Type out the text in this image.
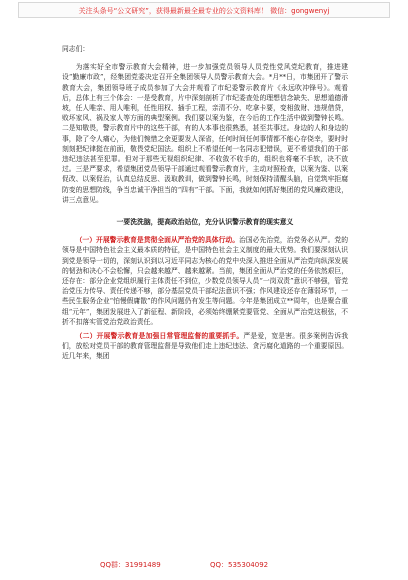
关注头条号“公文研究”，获得最新最全最专业的公文资料库！ 微信：gongwenyj
同志们：

为落实好全市警示教育大会精神，进一步加强党员领导人员党性党风党纪教育，推进建设“勤廉市政”，经集团党委决定召开全集团领导人员警示教育大会。*月**日，市集团开了警示教育大会，集团领导班子成员参加了大会并观看了市纪委警示教育片《永远吹冲锋号》。观看后，总体上有三个体会：一是受教育，片中深刻剖析了市纪委查处的理想信念缺失、思想道德滑坡，任人唯亲、用人唯利，任性用权、插手工程，亲清不分、吃拿卡要，变相敛财、违规借贷，败坏家风、祸及家人等方面的典型案例。我们要以案为鉴，在今后的工作生活中做到警钟长鸣。二是知敬畏，警示教育片中的这些干部，有的人本事也很熟悉，甚至共事过。身边的人和身边的事，除了令人痛心，为他们惋惜之余更要发人深省，任何时间任何事情都不能心存侥幸，要时时刻刻把纪律挺在前面，敬畏党纪国法。组织上不希望任何一名同志犯错误，更不希望我们的干部违纪违法甚至犯罪。但对于那些无视组织纪律、不收敛不收手的，组织也将毫不手软，决不放过。三是严要求，希望集团党员领导干部通过观看警示教育片，主动对照检查，以案为鉴、以案促改、以案促治，认真总结反思、汲取教训，做到警钟长鸣，时刻保持清醒头脑，自觉筑牢拒腐防变的思想防线，争当忠诚干净担当的“四有”干部。下面，我就如何抓好集团的党风廉政建设，讲三点意见。

一要洗洗脑，提高政治站位，充分认识警示教育的现实意义

（一）开展警示教育是贯彻全面从严治党的具体行动。治国必先治党，治党务必从严。党的领导是中国特色社会主义最本质的特征，是中国特色社会主义制度的最大优势。我们要深刻认识到党是领导一切的，深刻认识到以习近平同志为核心的党中央深入推进全面从严治党向纵深发展的韧劲和决心不会松懈，只会越来越严、越来越紧。当前，集团全面从严治党的任务依然艰巨，还存在：部分企业党组织履行主体责任不到位，少数党员领导人员“一岗双责”意识不够强，管党治党压力传导、责任传递不够，部分基层党员干部纪法意识不强；作风建设还存在薄弱环节，一些民生服务企业“怕慢假庸散”的作风问题仍有发生等问题。今年是集团成立**周年，也是聚合重组“元年”，集团发展进入了新征程、新阶段，必须始终绷紧党要管党、全面从严治党这根弦，不折不扣落实管党治党政治责任。

（二）开展警示教育是加强日常管理监督的重要抓手。严是爱，宽是害。很多案例告诉我们，放松对党员干部的教育管理监督是导致他们走上违纪违法、贪污腐化道路的一个重要原因。近几年来，集团

QQ群：31991489	QQ：535304092
